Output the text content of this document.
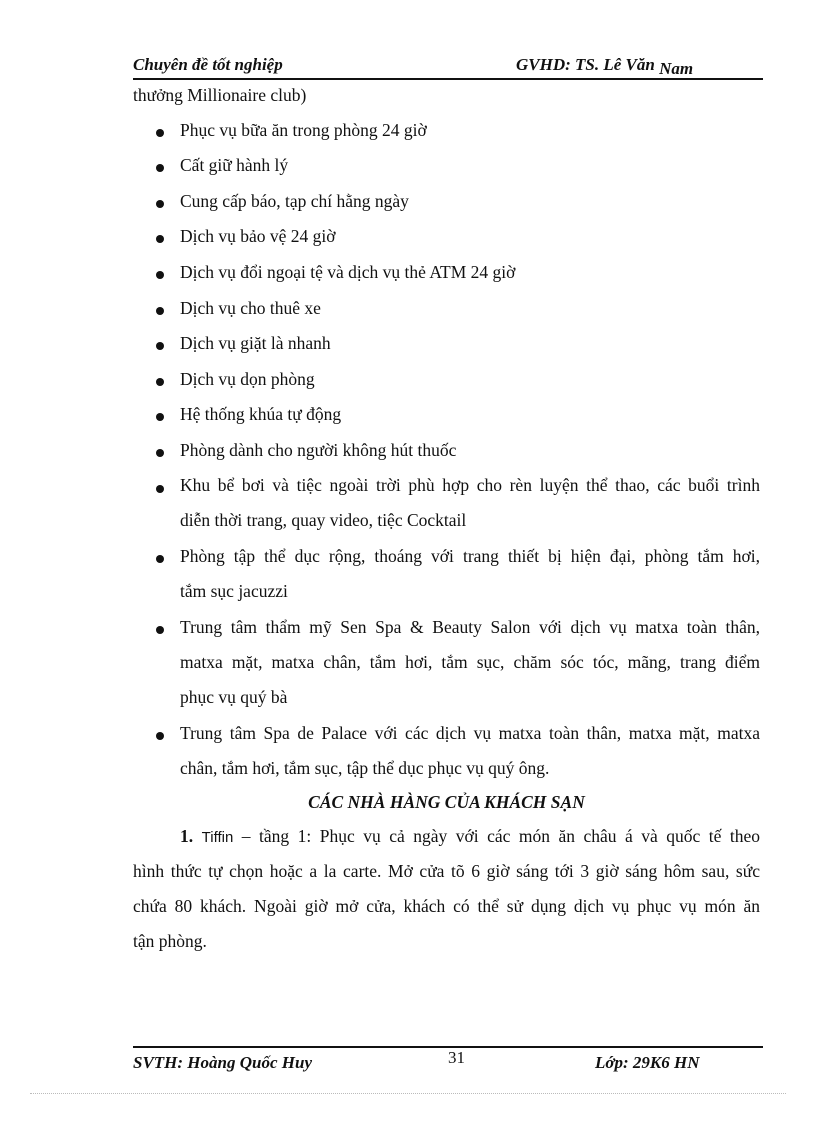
Chuyên đề tốt nghiệp	GVHD: TS. Lê Văn Nam
thưởng Millionaire club)
Phục vụ bữa ăn trong phòng 24 giờ
Cất giữ hành lý
Cung cấp báo, tạp chí hằng ngày
Dịch vụ bảo vệ 24 giờ
Dịch vụ đổi ngoại tệ và dịch vụ thẻ ATM 24 giờ
Dịch vụ cho thuê xe
Dịch vụ giặt là nhanh
Dịch vụ dọn phòng
Hệ thống khúa tự động
Phòng dành cho người không hút thuốc
Khu bể bơi và tiệc ngoài trời phù hợp cho rèn luyện thể thao, các buổi trình
diễn thời trang, quay video, tiệc Cocktail
Phòng tập thể dục rộng, thoáng với trang thiết bị hiện đại, phòng tắm hơi,
tắm sục jacuzzi
Trung tâm thẩm mỹ Sen Spa & Beauty Salon với dịch vụ matxa toàn thân,
matxa mặt, matxa chân, tắm hơi, tắm sục, chăm sóc tóc, mãng, trang điểm
phục vụ quý bà
Trung tâm Spa de Palace với các dịch vụ matxa toàn thân, matxa mặt, matxa
chân, tắm hơi, tắm sục, tập thể dục phục vụ quý ông.
CÁC NHÀ HÀNG CỦA KHÁCH SẠN
1. Tiffin – tầng 1: Phục vụ cả ngày với các món ăn châu á và quốc tế theo
hình thức tự chọn hoặc a la carte. Mở cửa tõ 6 giờ sáng tới 3 giờ sáng hôm sau, sức
chứa 80 khách. Ngoài giờ mở cửa, khách có thể sử dụng dịch vụ phục vụ món ăn
tận phòng.
SVTH: Hoàng Quốc Huy	31	Lớp: 29K6 HN
